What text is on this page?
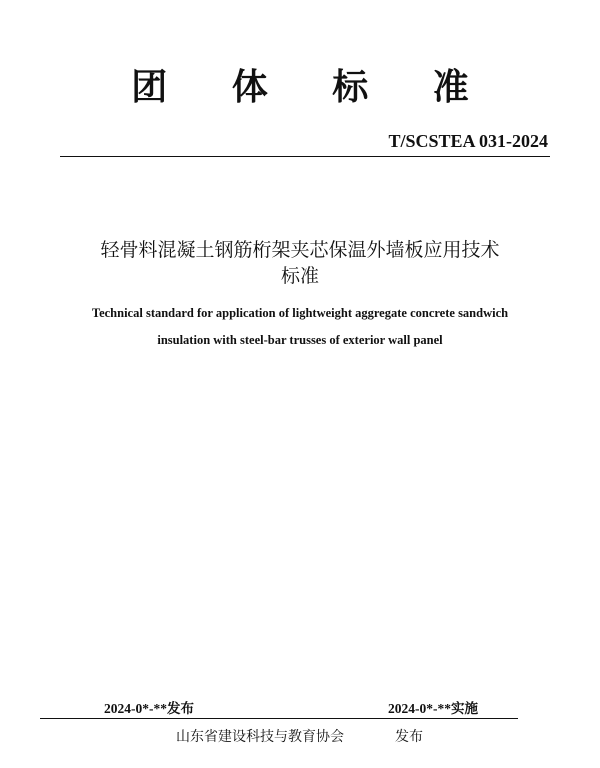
团 体 标 准
T/SCSTEA 031-2024
轻骨料混凝土钢筋桁架夹芯保温外墙板应用技术
标准
Technical standard for application of lightweight aggregate concrete sandwich
insulation with steel-bar trusses of exterior wall panel
2024-0*-**发布	2024-0*-**实施
山东省建设科技与教育协会	发布
